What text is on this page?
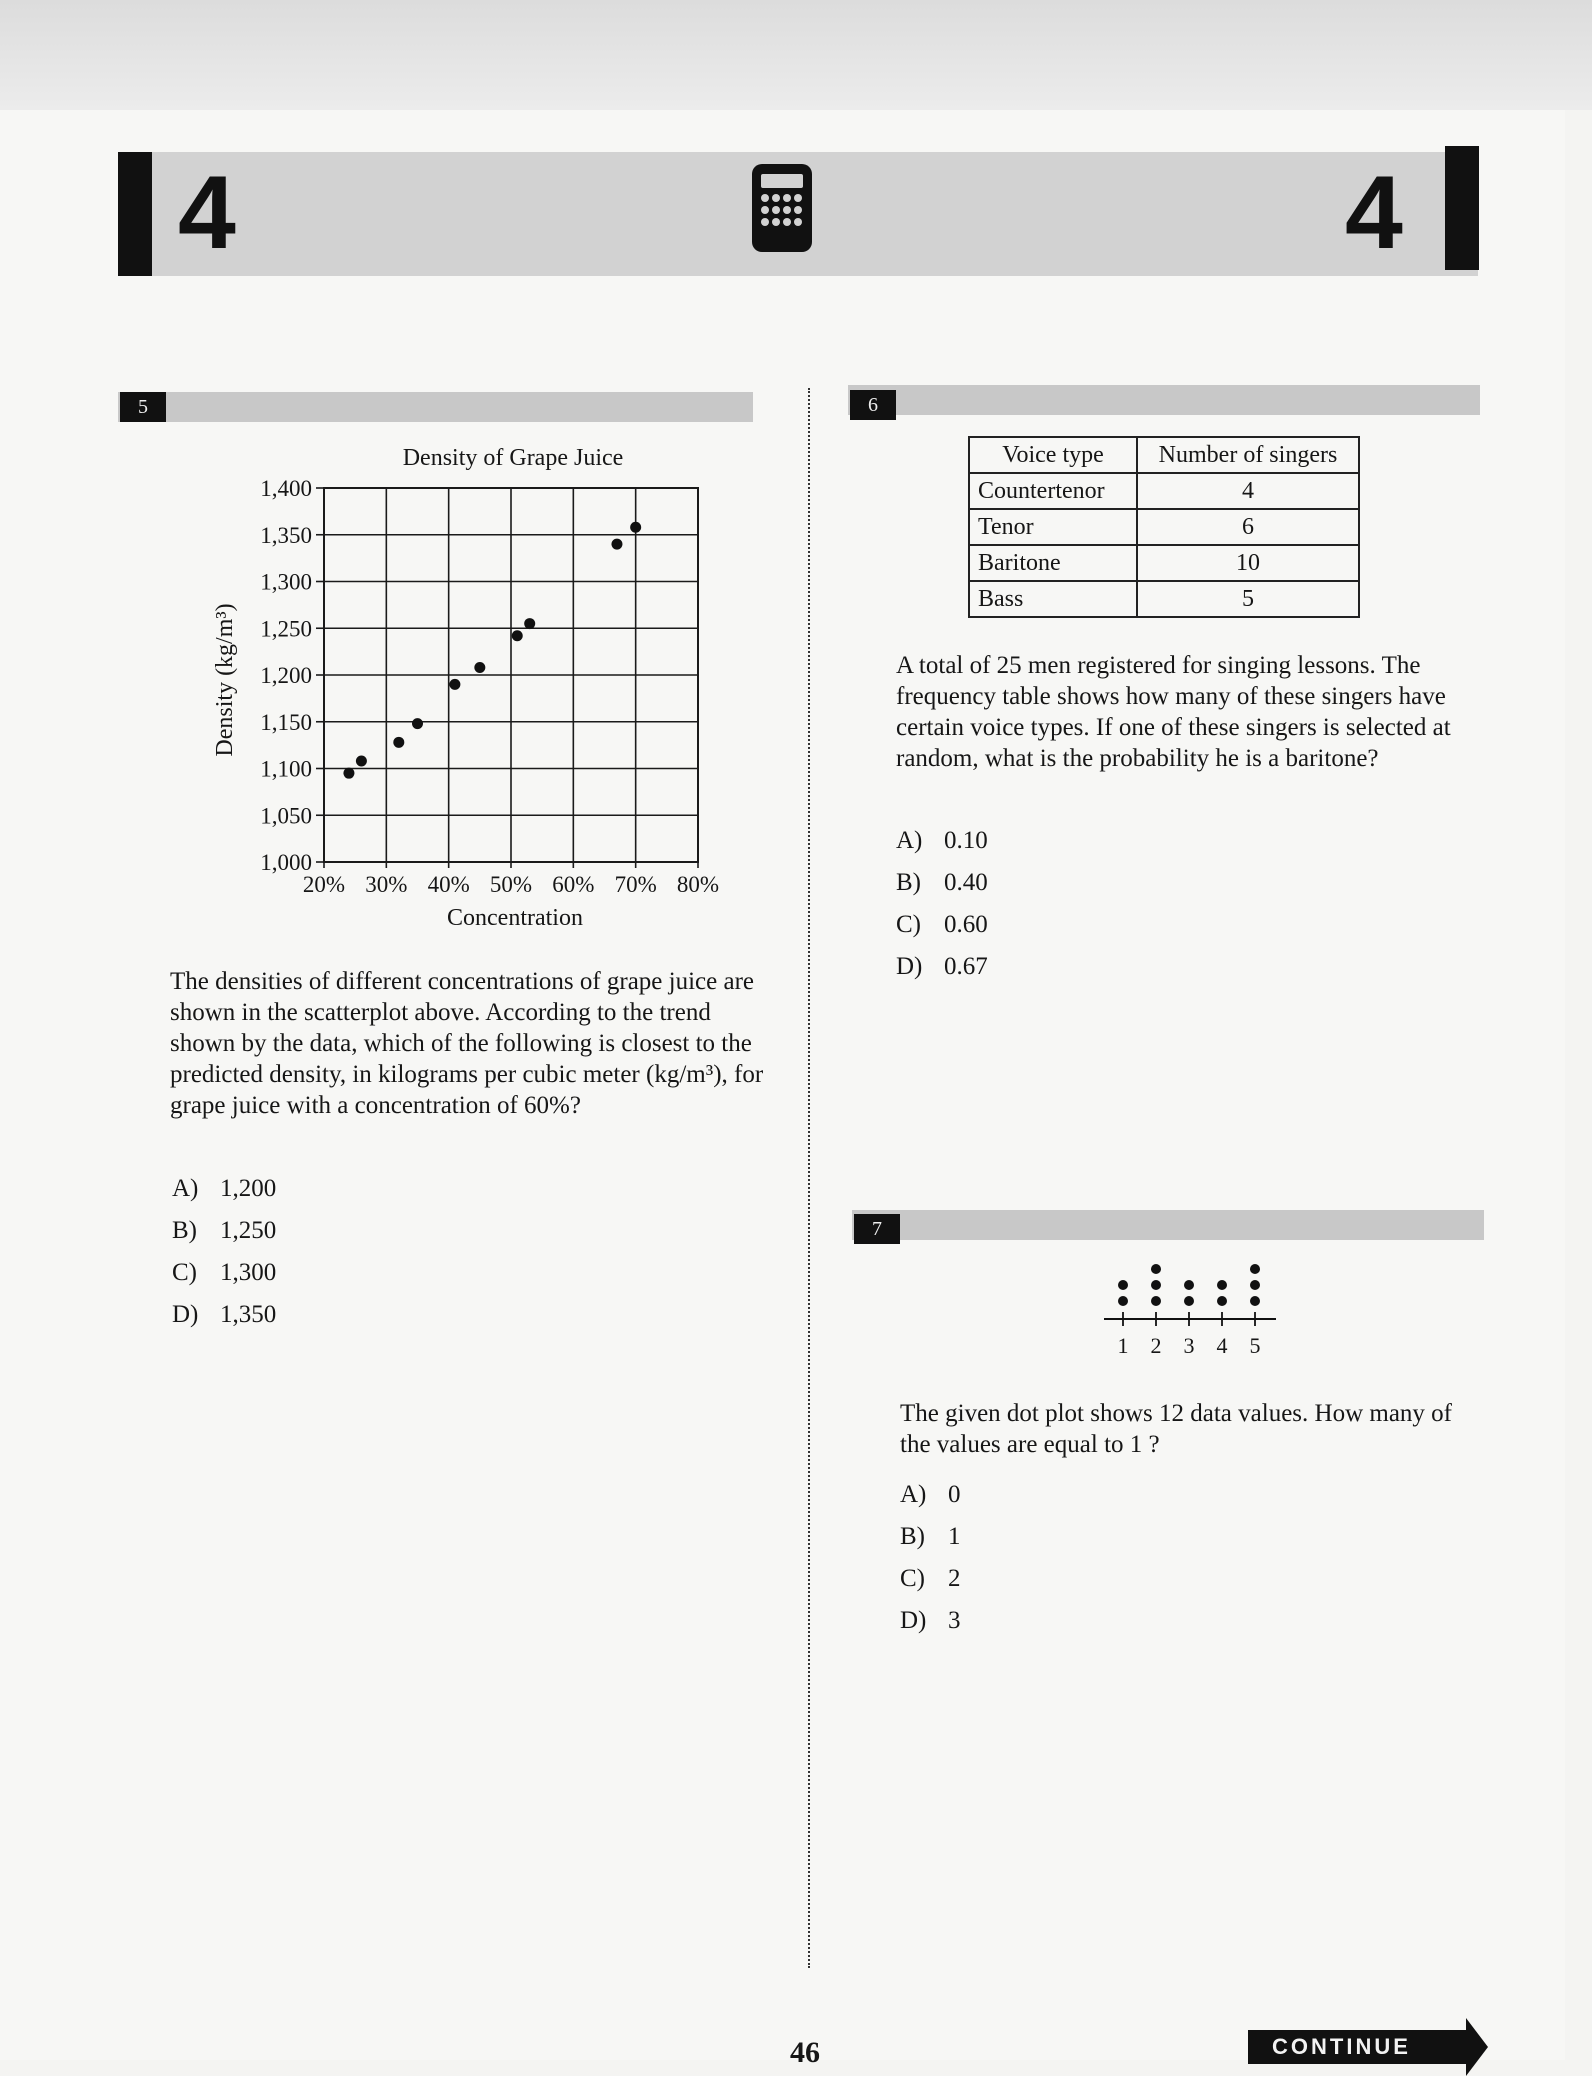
4	4
5
Density of Grape Juice
Density (kg/m³)
Concentration
20% 30% 40% 50% 60% 70% 80%
1,000
1,050
1,100
1,150
1,200
1,250
1,300
1,350
1,400
The densities of different concentrations of grape juice are shown in the scatterplot above. According to the trend shown by the data, which of the following is closest to the predicted density, in kilograms per cubic meter (kg/m³), for grape juice with a concentration of 60%?
A) 1,200
B) 1,250
C) 1,300
D) 1,350
6
Voice type	Number of singers
Countertenor	4
Tenor	6
Baritone	10
Bass	5
A total of 25 men registered for singing lessons. The frequency table shows how many of these singers have certain voice types. If one of these singers is selected at random, what is the probability he is a baritone?
A) 0.10
B) 0.40
C) 0.60
D) 0.67
7
1 2 3 4 5
The given dot plot shows 12 data values. How many of the values are equal to 1 ?
A) 0
B) 1
C) 2
D) 3
46	CONTINUE
